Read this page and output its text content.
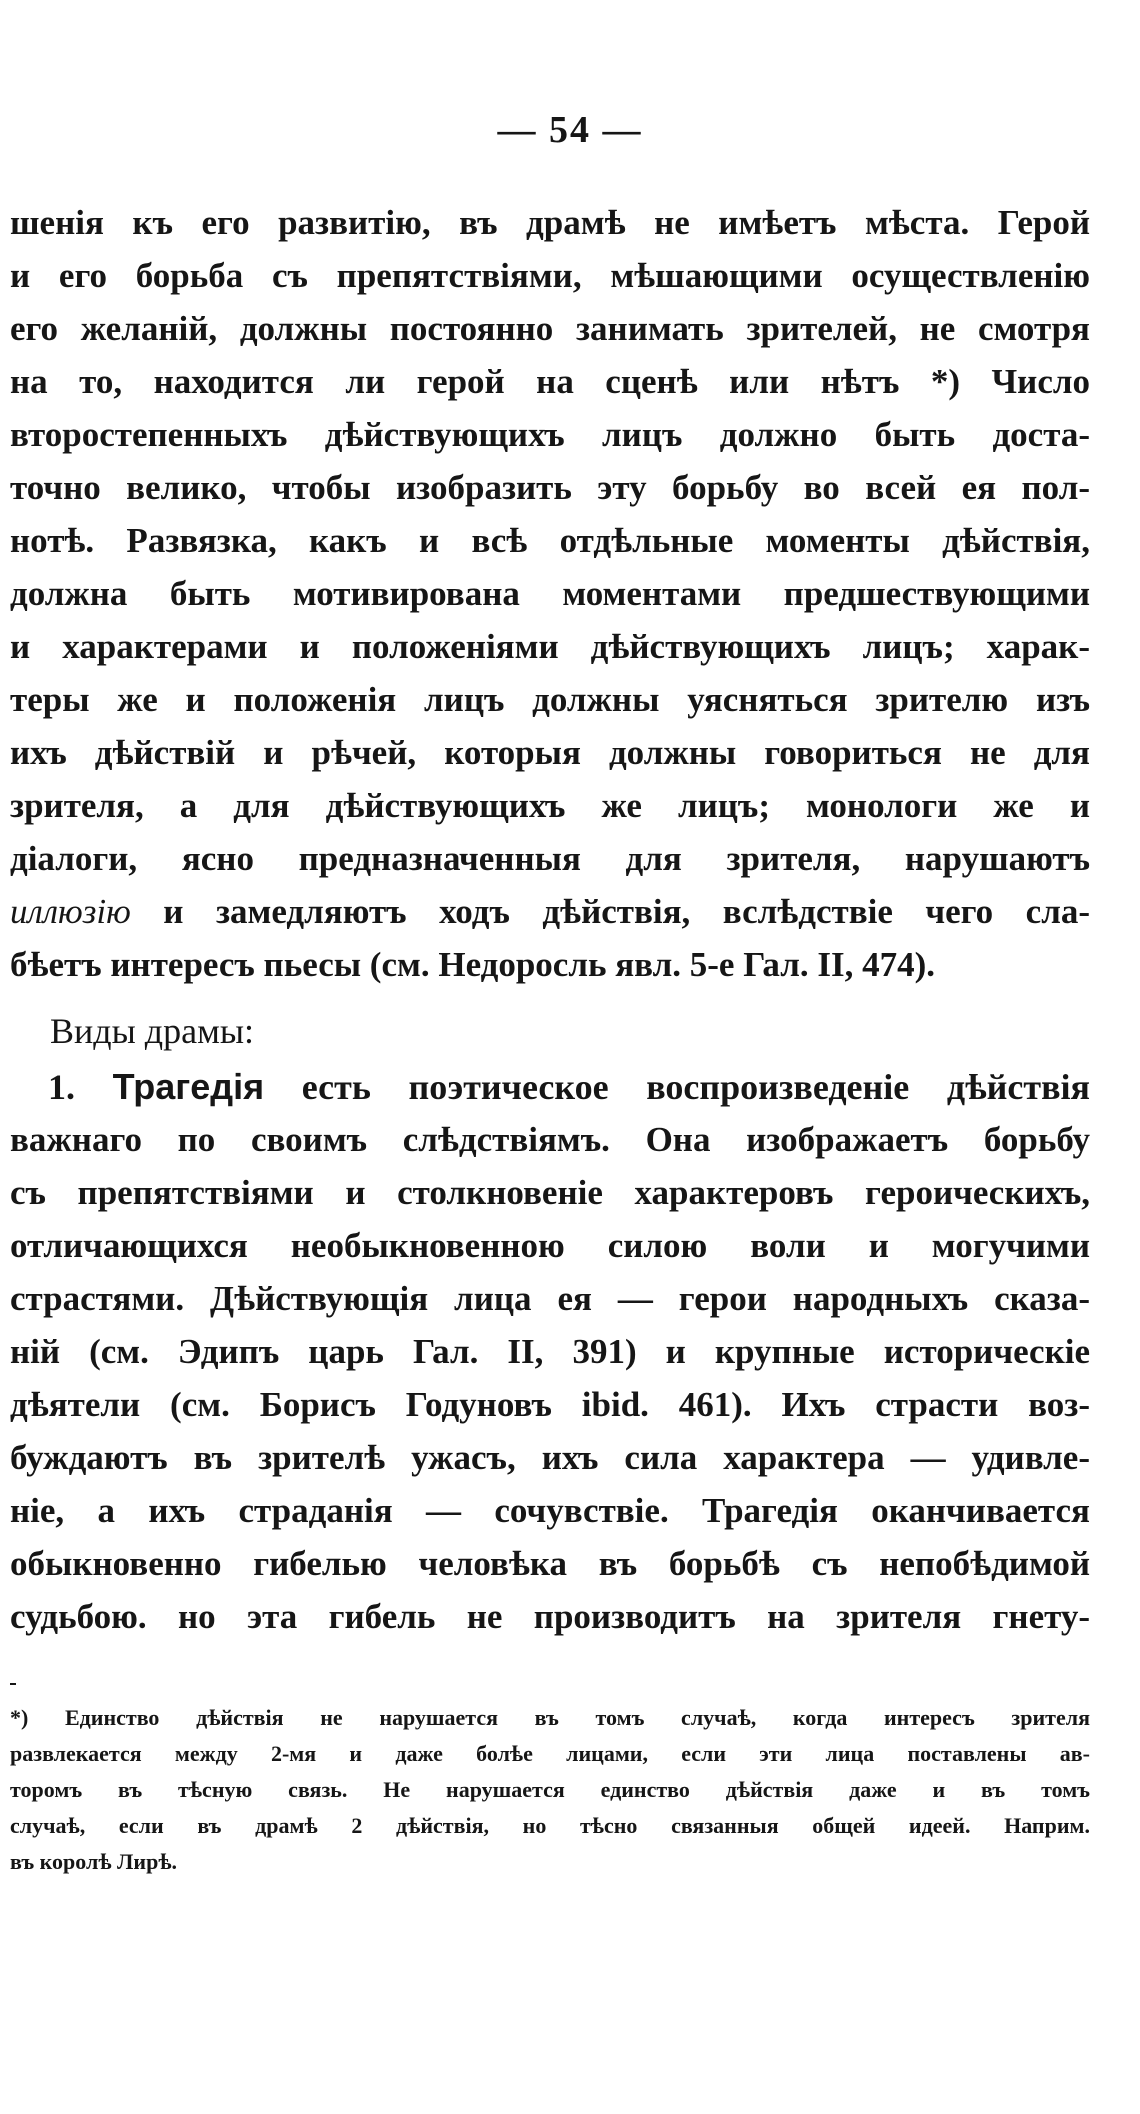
— 54 —
шенія къ его развитію, въ драмѣ не имѣетъ мѣста. Герой
и его борьба съ препятствіями, мѣшающими осуществленію
его желаній, должны постоянно занимать зрителей, не смотря
на то, находится ли герой на сценѣ или нѣтъ *) Число
второстепенныхъ дѣйствующихъ лицъ должно быть доста-
точно велико, чтобы изобразить эту борьбу во всей ея пол-
нотѣ. Развязка, какъ и всѣ отдѣльные моменты дѣйствія,
должна быть мотивирована моментами предшествующими
и характерами и положеніями дѣйствующихъ лицъ; харак-
теры же и положенія лицъ должны уясняться зрителю изъ
ихъ дѣйствій и рѣчей, которыя должны говориться не для
зрителя, а для дѣйствующихъ же лицъ; монологи же и
діалоги, ясно предназначенныя для зрителя, нарушаютъ
иллюзію и замедляютъ ходъ дѣйствія, вслѣдствіе чего сла-
бѣетъ интересъ пьесы (см. Недоросль явл. 5-е Гал. II, 474).
Виды драмы:
1. Трагедія есть поэтическое воспроизведеніе дѣйствія
важнаго по своимъ слѣдствіямъ. Она изображаетъ борьбу
съ препятствіями и столкновеніе характеровъ героическихъ,
отличающихся необыкновенною силою воли и могучими
страстями. Дѣйствующія лица ея — герои народныхъ сказа-
ній (см. Эдипъ царь Гал. II, 391) и крупные историческіе
дѣятели (см. Борисъ Годуновъ ibid. 461). Ихъ страсти воз-
буждаютъ въ зрителѣ ужасъ, ихъ сила характера — удивле-
ніе, а ихъ страданія — сочувствіе. Трагедія оканчивается
обыкновенно гибелью человѣка въ борьбѣ съ непобѣдимой
судьбою. но эта гибель не производитъ на зрителя гнету-
*) Единство дѣйствія не нарушается въ томъ случаѣ, когда интересъ зрителя
развлекается между 2-мя и даже болѣе лицами, если эти лица поставлены ав-
торомъ въ тѣсную связь. Не нарушается единство дѣйствія даже и въ томъ
случаѣ, если въ драмѣ 2 дѣйствія, но тѣсно связанныя общей идеей. Наприм.
въ королѣ Лирѣ.
